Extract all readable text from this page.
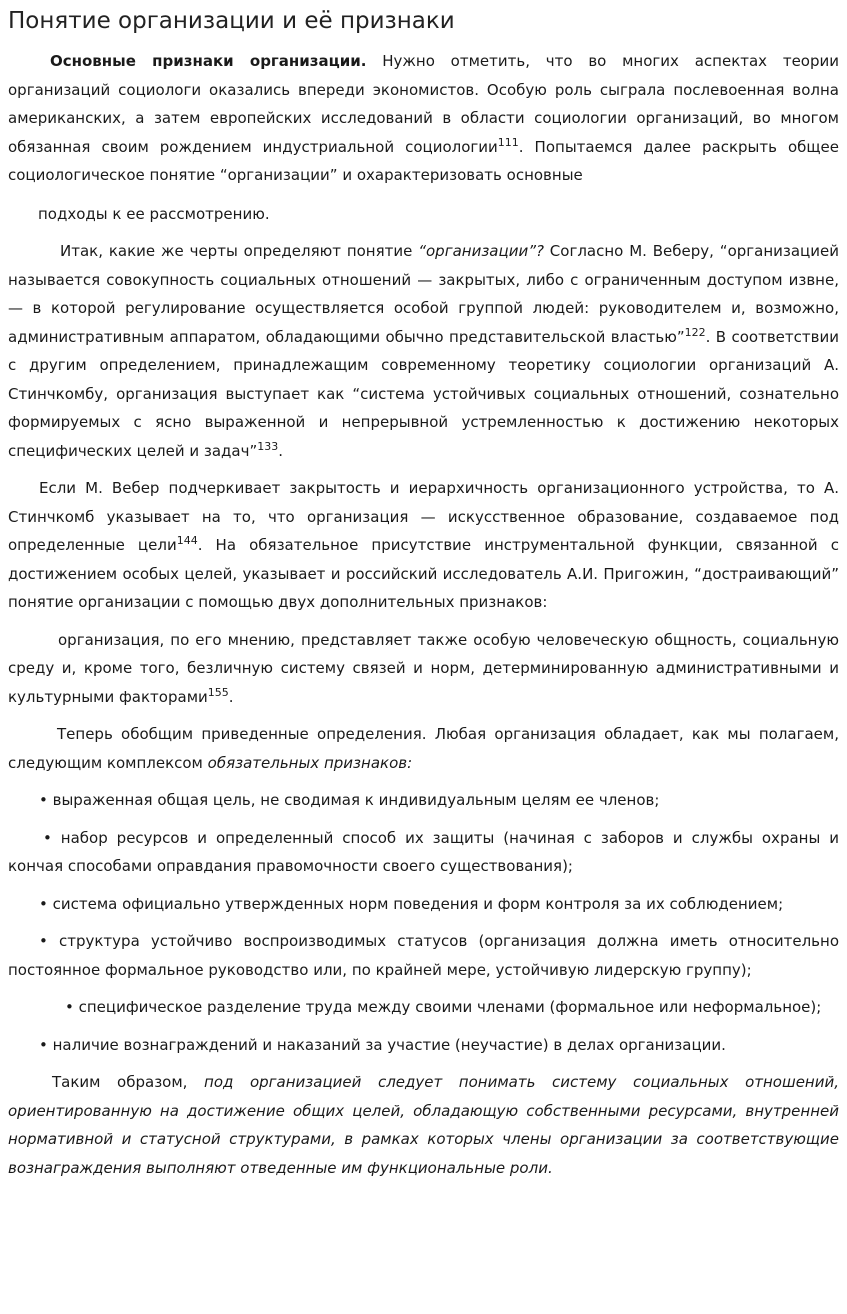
Понятие организации и её признаки

Основные признаки организации. Нужно отметить, что во многих аспектах теории организаций социологи оказались впереди экономистов. Особую роль сыграла послевоенная волна американских, а затем европейских исследований в области социологии организаций, во многом обязанная своим рождением индустриальной социологии$^{111}$. Попытаемся далее раскрыть общее социологическое понятие “организации” и охарактеризовать основные

подходы к ее рассмотрению.

Итак, какие же черты определяют понятие “организации”? Согласно М. Веберу, “организацией называется совокупность социальных отношений — закрытых, либо с ограниченным доступом извне, — в которой регулирование осуществляется особой группой людей: руководителем и, возможно, административным аппаратом, обладающими обычно представительской властью”$^{122}$. В соответствии с другим определением, принадлежащим современному теоретику социологии организаций А. Стинчкомбу, организация выступает как “система устойчивых социальных отношений, сознательно формируемых с ясно выраженной и непрерывной устремленностью к достижению некоторых специфических целей и задач”$^{133}$.

Если М. Вебер подчеркивает закрытость и иерархичность организационного устройства, то А. Стинчкомб указывает на то, что организация — искусственное образование, создаваемое под определенные цели$^{144}$. На обязательное присутствие инструментальной функции, связанной с достижением особых целей, указывает и российский исследователь А.И. Пригожин, “достраивающий” понятие организации с помощью двух дополнительных признаков:

организация, по его мнению, представляет также особую человеческую общность, социальную среду и, кроме того, безличную систему связей и норм, детерминированную административными и культурными факторами$^{155}$.

Теперь обобщим приведенные определения. Любая организация обладает, как мы полагаем, следующим комплексом обязательных признаков:

• выраженная общая цель, не сводимая к индивидуальным целям ее членов;

• набор ресурсов и определенный способ их защиты (начиная с заборов и службы охраны и кончая способами оправдания правомочности своего существования);

• система официально утвержденных норм поведения и форм контроля за их соблюдением;

• структура устойчиво воспроизводимых статусов (организация должна иметь относительно постоянное формальное руководство или, по крайней мере, устойчивую лидерскую группу);

• специфическое разделение труда между своими членами (формальное или неформальное);

• наличие вознаграждений и наказаний за участие (неучастие) в делах организации.

Таким образом, под организацией следует понимать систему социальных отношений, ориентированную на достижение общих целей, обладающую собственными ресурсами, внутренней нормативной и статусной структурами, в рамках которых члены организации за соответствующие вознаграждения выполняют отведенные им функциональные роли.
